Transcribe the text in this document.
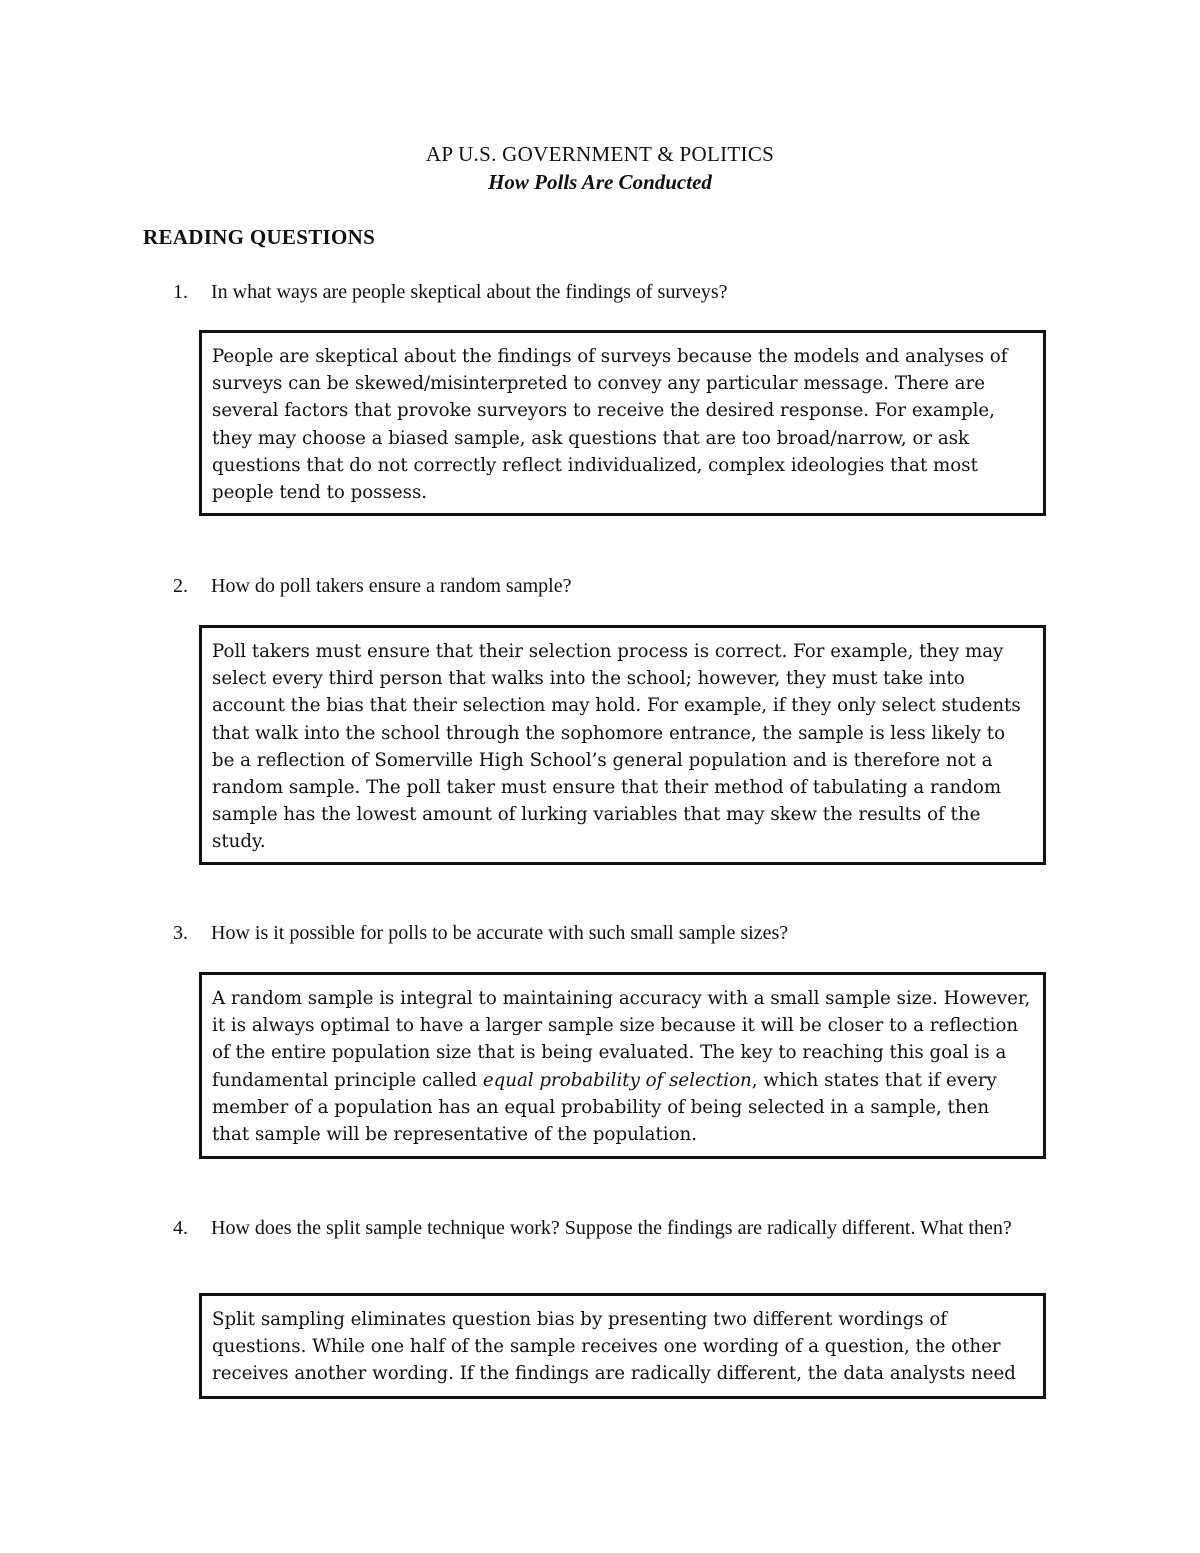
AP U.S. GOVERNMENT & POLITICS
How Polls Are Conducted
READING QUESTIONS
1.	In what ways are people skeptical about the findings of surveys?
People are skeptical about the findings of surveys because the models and analyses of surveys can be skewed/misinterpreted to convey any particular message. There are several factors that provoke surveyors to receive the desired response. For example, they may choose a biased sample, ask questions that are too broad/narrow, or ask questions that do not correctly reflect individualized, complex ideologies that most people tend to possess.
2.	How do poll takers ensure a random sample?
Poll takers must ensure that their selection process is correct. For example, they may select every third person that walks into the school; however, they must take into account the bias that their selection may hold. For example, if they only select students that walk into the school through the sophomore entrance, the sample is less likely to be a reflection of Somerville High School’s general population and is therefore not a random sample. The poll taker must ensure that their method of tabulating a random sample has the lowest amount of lurking variables that may skew the results of the study.
3.	How is it possible for polls to be accurate with such small sample sizes?
A random sample is integral to maintaining accuracy with a small sample size. However, it is always optimal to have a larger sample size because it will be closer to a reflection of the entire population size that is being evaluated. The key to reaching this goal is a fundamental principle called equal probability of selection, which states that if every member of a population has an equal probability of being selected in a sample, then that sample will be representative of the population.
4.	How does the split sample technique work? Suppose the findings are radically different. What then?
Split sampling eliminates question bias by presenting two different wordings of questions. While one half of the sample receives one wording of a question, the other receives another wording. If the findings are radically different, the data analysts need
